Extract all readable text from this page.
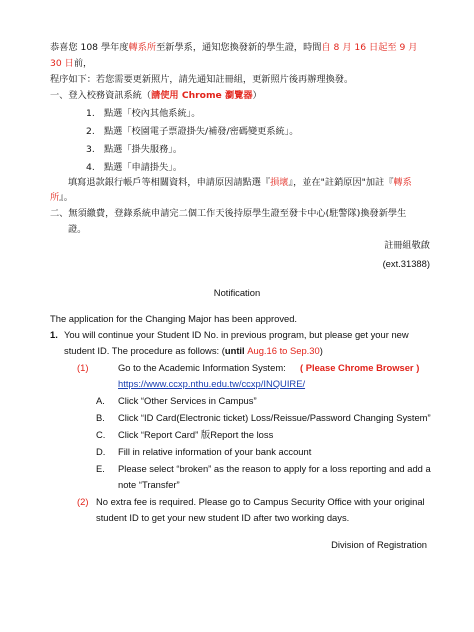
恭喜您 108 學年度轉系所至新學系，通知您換發新的學生證，時間自 8 月 16 日起至 9 月
30 日前，
程序如下：若您需要更新照片，請先通知註冊組，更新照片後再辦理換發。
一、登入校務資訊系統（請使用 Chrome 瀏覽器）
1.　點選「校內其他系統」。
2.　點選「校園電子票證掛失/補發/密碼變更系統」。
3.　點選「掛失服務」。
4.　點選「申請掛失」。
填寫退款銀行帳戶等相關資料，申請原因請點選『損壞』，並在"註銷原因"加註『轉系
所』。
二、無須繳費，登錄系統申請完二個工作天後持原學生證至發卡中心(駐警隊)換發新學生
證。
註冊組敬啟
(ext.31388)
Notification
The application for the Changing Major has been approved.
1. You will continue your Student ID No. in previous program, but please get your new
student ID. The procedure as follows: (until Aug.16 to Sep.30)
(1)	Go to the Academic Information System: ( Please Chrome Browser )
https://www.ccxp.nthu.edu.tw/ccxp/INQUIRE/
A. Click “Other Services in Campus”
B. Click “ID Card(Electronic ticket) Loss/Reissue/Password Changing System”
C. Click “Report Card” 版Report the loss
D. Fill in relative information of your bank account
E. Please select “broken” as the reason to apply for a loss reporting and add a
note “Transfer”
(2) No extra fee is required. Please go to Campus Security Office with your original
student ID to get your new student ID after two working days.
Division of Registration
